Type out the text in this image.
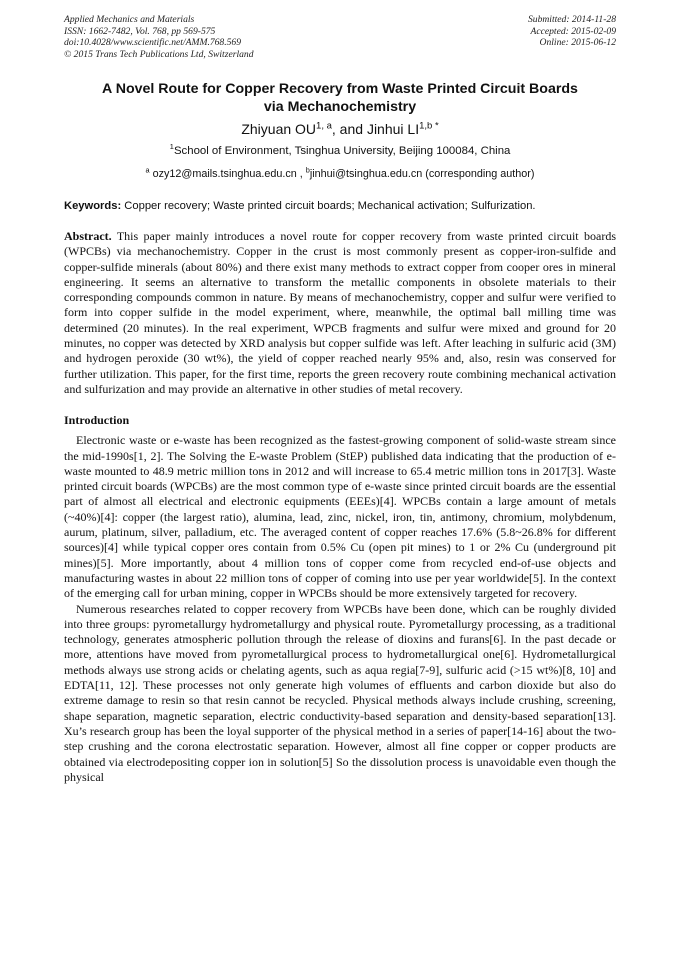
Applied Mechanics and Materials
ISSN: 1662-7482, Vol. 768, pp 569-575
doi:10.4028/www.scientific.net/AMM.768.569
© 2015 Trans Tech Publications Ltd, Switzerland
Submitted: 2014-11-28
Accepted: 2015-02-09
Online: 2015-06-12
A Novel Route for Copper Recovery from Waste Printed Circuit Boards
via Mechanochemistry
Zhiyuan OU$^{1, a}$, and Jinhui $LI^{1,b *}$
$^1$School of Environment, Tsinghua University, Beijing 100084, China
$^a$ ozy12@mails.tsinghua.edu.cn , $^b$jinhui@tsinghua.edu.cn (corresponding author)
Keywords: Copper recovery; Waste printed circuit boards; Mechanical activation; Sulfurization.
Abstract. This paper mainly introduces a novel route for copper recovery from waste printed circuit boards (WPCBs) via mechanochemistry. Copper in the crust is most commonly present as copper-iron-sulfide and copper-sulfide minerals (about 80%) and there exist many methods to extract copper from cooper ores in mineral engineering. It seems an alternative to transform the metallic components in obsolete materials to their corresponding compounds common in nature. By means of mechanochemistry, copper and sulfur were verified to form into copper sulfide in the model experiment, where, meanwhile, the optimal ball milling time was determined (20 minutes). In the real experiment, WPCB fragments and sulfur were mixed and ground for 20 minutes, no copper was detected by XRD analysis but copper sulfide was left. After leaching in sulfuric acid (3M) and hydrogen peroxide (30 wt%), the yield of copper reached nearly 95% and, also, resin was conserved for further utilization. This paper, for the first time, reports the green recovery route combining mechanical activation and sulfurization and may provide an alternative in other studies of metal recovery.
Introduction
Electronic waste or e-waste has been recognized as the fastest-growing component of solid-waste stream since the mid-1990s[1, 2]. The Solving the E-waste Problem (StEP) published data indicating that the production of e-waste mounted to 48.9 metric million tons in 2012 and will increase to 65.4 metric million tons in 2017[3]. Waste printed circuit boards (WPCBs) are the most common type of e-waste since printed circuit boards are the essential part of almost all electrical and electronic equipments (EEEs)[4]. WPCBs contain a large amount of metals (~40%)[4]: copper (the largest ratio), alumina, lead, zinc, nickel, iron, tin, antimony, chromium, molybdenum, aurum, platinum, silver, palladium, etc. The averaged content of copper reaches 17.6% (5.8~26.8% for different sources)[4] while typical copper ores contain from 0.5% Cu (open pit mines) to 1 or 2% Cu (underground pit mines)[5]. More importantly, about 4 million tons of copper come from recycled end-of-use objects and manufacturing wastes in about 22 million tons of copper of coming into use per year worldwide[5]. In the context of the emerging call for urban mining, copper in WPCBs should be more extensively targeted for recovery.
Numerous researches related to copper recovery from WPCBs have been done, which can be roughly divided into three groups: pyrometallurgy hydrometallurgy and physical route. Pyrometallurgy processing, as a traditional technology, generates atmospheric pollution through the release of dioxins and furans[6]. In the past decade or more, attentions have moved from pyrometallurgical process to hydrometallurgical one[6]. Hydrometallurgical methods always use strong acids or chelating agents, such as aqua regia[7-9], sulfuric acid (>15 wt%)[8, 10] and EDTA[11, 12]. These processes not only generate high volumes of effluents and carbon dioxide but also do extreme damage to resin so that resin cannot be recycled. Physical methods always include crushing, screening, shape separation, magnetic separation, electric conductivity-based separation and density-based separation[13]. Xu’s research group has been the loyal supporter of the physical method in a series of paper[14-16] about the two-step crushing and the corona electrostatic separation. However, almost all fine copper or copper products are obtained via electrodepositing copper ion in solution[5] So the dissolution process is unavoidable even though the physical
